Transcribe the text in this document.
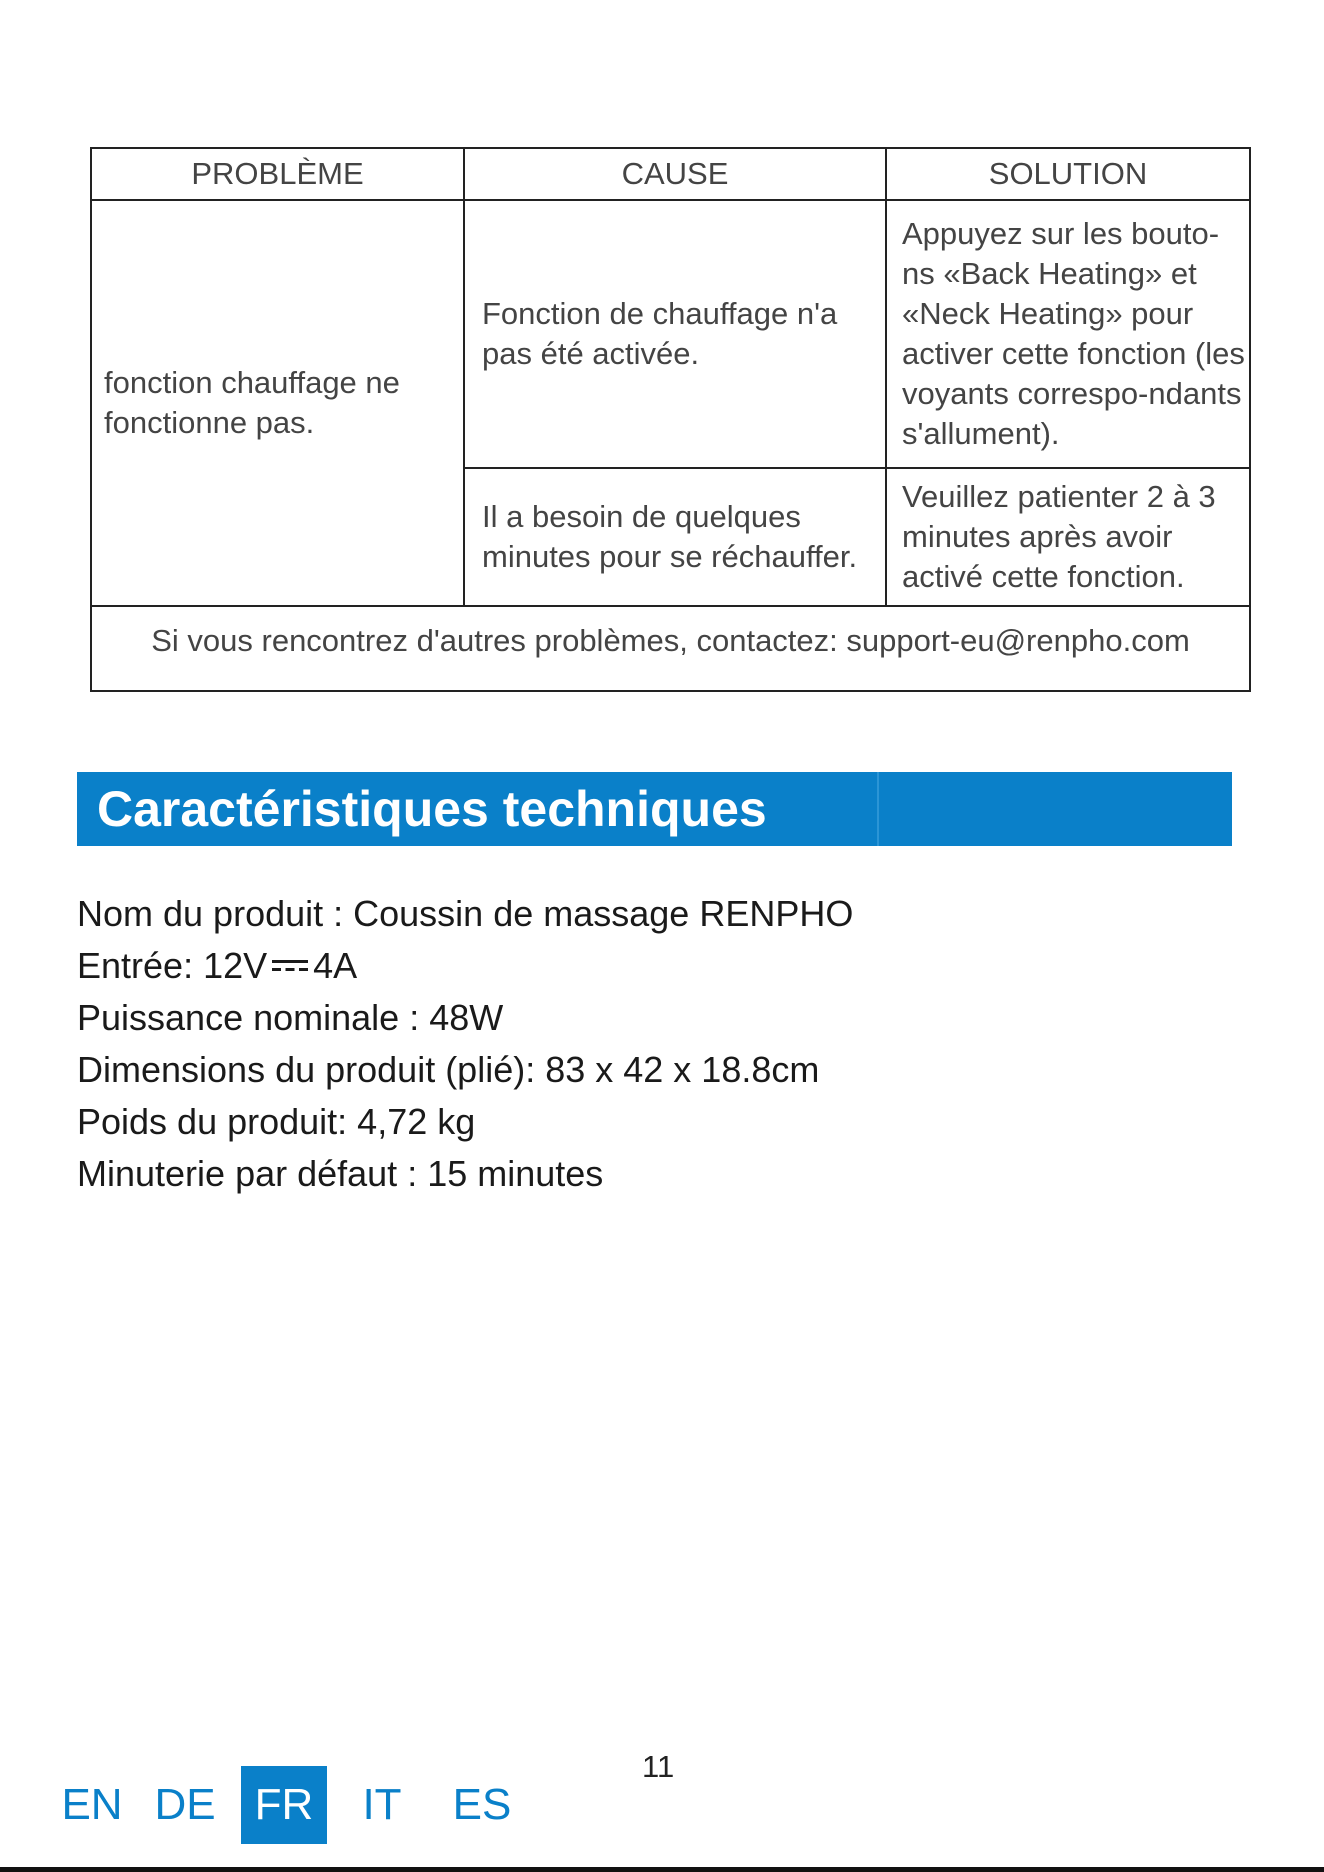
PROBLÈME	CAUSE	SOLUTION

fonction chauffage ne fonctionne pas.	Fonction de chauffage n'a pas été activée.	Appuyez sur les bouto-ns «Back Heating» et «Neck Heating» pour activer cette fonction (les voyants correspo-ndants s'allument).

	Il a besoin de quelques minutes pour se réchauffer.	Veuillez patienter 2 à 3 minutes après avoir activé cette fonction.

Si vous rencontrez d'autres problèmes, contactez: support-eu@renpho.com		
Caractéristiques techniques
Nom du produit : Coussin de massage RENPHO
Entrée: 12V 4A
Puissance nominale : 48W
Dimensions du produit (plié): 83 x 42 x 18.8cm
Poids du produit: 4,72 kg
Minuterie par défaut : 15 minutes
11
EN DE FR	IT ES
